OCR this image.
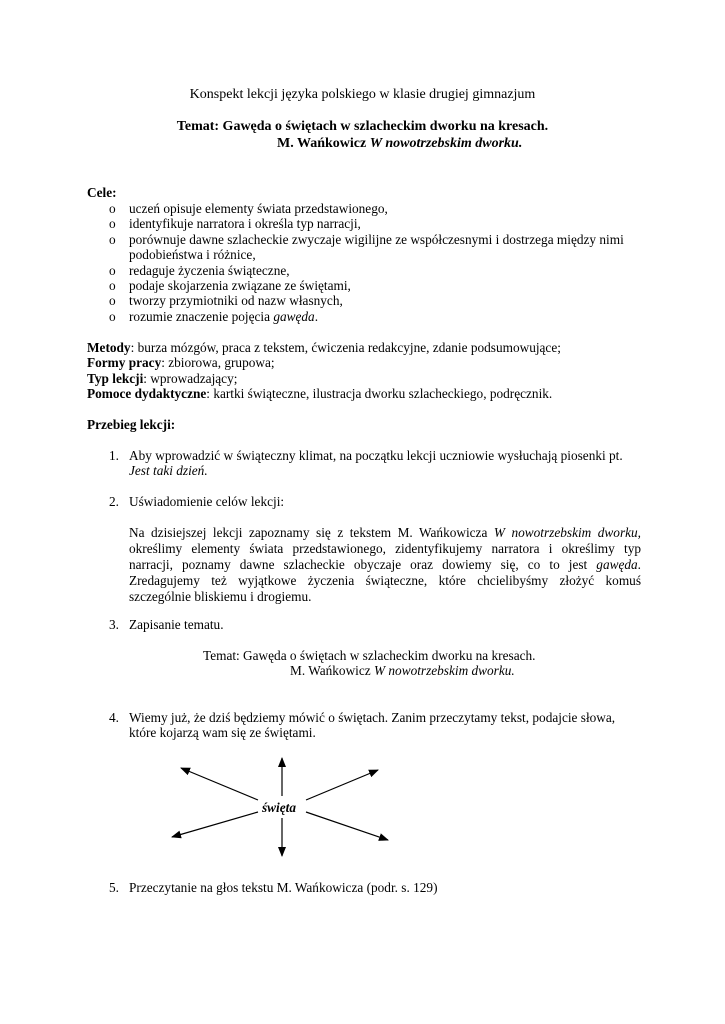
Konspekt lekcji języka polskiego w klasie drugiej gimnazjum
Temat: Gawęda o świętach w szlacheckim dworku na kresach.
M. Wańkowicz W nowotrzebskim dworku.
Cele:
o uczeń opisuje elementy świata przedstawionego,
o identyfikuje narratora i określa typ narracji,
o porównuje dawne szlacheckie zwyczaje wigilijne ze współczesnymi i dostrzega między nimi
podobieństwa i różnice,
o redaguje życzenia świąteczne,
o podaje skojarzenia związane ze świętami,
o tworzy przymiotniki od nazw własnych,
o rozumie znaczenie pojęcia gawęda.
Metody: burza mózgów, praca z tekstem, ćwiczenia redakcyjne, zdanie podsumowujące;
Formy pracy: zbiorowa, grupowa;
Typ lekcji: wprowadzający;
Pomoce dydaktyczne: kartki świąteczne, ilustracja dworku szlacheckiego, podręcznik.
Przebieg lekcji:
1. Aby wprowadzić w świąteczny klimat, na początku lekcji uczniowie wysłuchają piosenki pt.
Jest taki dzień.
2. Uświadomienie celów lekcji:
Na dzisiejszej lekcji zapoznamy się z tekstem M. Wańkowicza W nowotrzebskim dworku,
określimy elementy świata przedstawionego, zidentyfikujemy narratora i określimy typ
narracji, poznamy dawne szlacheckie obyczaje oraz dowiemy się, co to jest gawęda.
Zredagujemy też wyjątkowe życzenia świąteczne, które chcielibyśmy złożyć komuś
szczególnie bliskiemu i drogiemu.
3. Zapisanie tematu.
Temat: Gawęda o świętach w szlacheckim dworku na kresach.
M. Wańkowicz W nowotrzebskim dworku.
4. Wiemy już, że dziś będziemy mówić o świętach. Zanim przeczytamy tekst, podajcie słowa,
które kojarzą wam się ze świętami.
święta
5. Przeczytanie na głos tekstu M. Wańkowicza (podr. s. 129)
